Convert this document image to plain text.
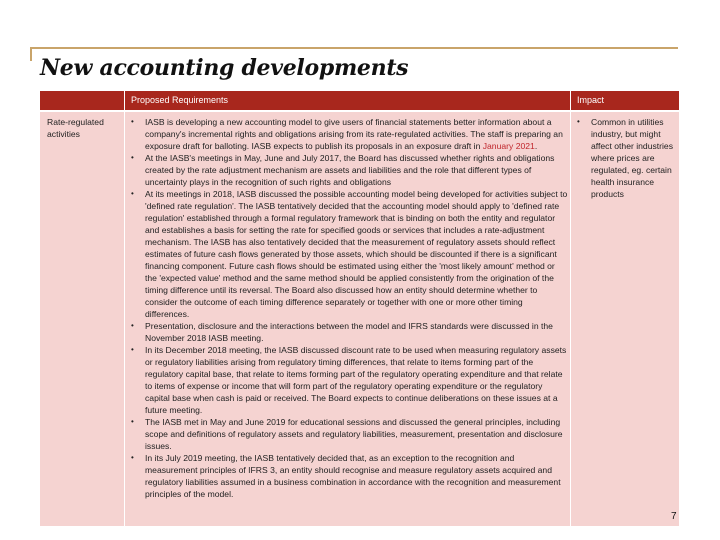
New accounting developments
Proposed Requirements	Impact
Rate-regulated activities
• IASB is developing a new accounting model to give users of financial statements better information about a company's incremental rights and obligations arising from its rate-regulated activities. The staff is preparing an exposure draft for balloting. IASB expects to publish its proposals in an exposure draft in January 2021.
• At the IASB's meetings in May, June and July 2017, the Board has discussed whether rights and obligations created by the rate adjustment mechanism are assets and liabilities and the role that different types of uncertainty plays in the recognition of such rights and obligations
• At its meetings in 2018, IASB discussed the possible accounting model being developed for activities subject to 'defined rate regulation'. The IASB tentatively decided that the accounting model should apply to 'defined rate regulation' established through a formal regulatory framework that is binding on both the entity and regulator and establishes a basis for setting the rate for specified goods or services that includes a rate-adjustment mechanism. The IASB has also tentatively decided that the measurement of regulatory assets should reflect estimates of future cash flows generated by those assets, which should be discounted if there is a significant financing component. Future cash flows should be estimated using either the 'most likely amount' method or the 'expected value' method and the same method should be applied consistently from the origination of the timing difference until its reversal. The Board also discussed how an entity should determine whether to consider the outcome of each timing difference separately or together with one or more other timing differences.
• Presentation, disclosure and the interactions between the model and IFRS standards were discussed in the November 2018 IASB meeting.
• In its December 2018 meeting, the IASB discussed discount rate to be used when measuring regulatory assets or regulatory liabilities arising from regulatory timing differences, that relate to items forming part of the regulatory capital base, that relate to items forming part of the regulatory operating expenditure and that relate to items of expense or income that will form part of the regulatory operating expenditure or the regulatory capital base when cash is paid or received. The Board expects to continue deliberations on these issues at a future meeting.
• The IASB met in May and June 2019 for educational sessions and discussed the general principles, including scope and definitions of regulatory assets and regulatory liabilities, measurement, presentation and disclosure issues.
• In its July 2019 meeting, the IASB tentatively decided that, as an exception to the recognition and measurement principles of IFRS 3, an entity should recognise and measure regulatory assets acquired and regulatory liabilities assumed in a business combination in accordance with the recognition and measurement principles of the model.
• Common in utilities industry, but might affect other industries where prices are regulated, eg. certain health insurance products
7
